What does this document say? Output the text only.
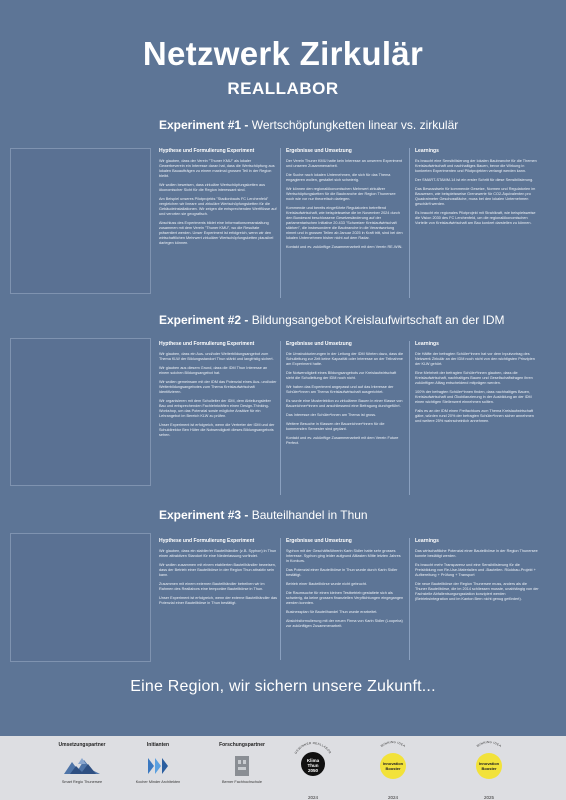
Netzwerk Zirkulär
REALLABOR
Experiment #1 - Wertschöpfungketten linear vs. zirkulär
Hypthese und Formulierung Experiment

Wir glauben, dass der Verein "Thuner KMU" als lokaler Gewerbeverein ein Interesse daran hat, dass die Wertschöpfung aus lokalen Bauaufträgen zu einem maximal grossen Teil in der Region bleibt.

Wir wollen beweisen, dass zirkuläre Wertschöpfungsketten aus ökonomischer Sicht für die Region interessant sind.

Am Beispiel unseres Pilotprojekts "Stadionbauts FC Lerchenfeld" vergleichen wir lineare und zirkuläre Wertschöpfungsketten für die Gebäudeinstallationen. Wir zeigen die entsprechenden Wertflüsse auf und verorten sie geografisch.

Abschluss des Experiments bildet eine Informationsveranstaltung zusammen mit dem Verein "Thuner KMU", wo die Resultate präsentiert werden. Unser Experiment ist erfolgreich, wenn wir den wirtschaftlichen Mehrwert zirkulärer Wertschöpfungsketten plausibel darlegen können.

Ergebnisse und Umsetzung

Der Verein Thuner KMU hatte kein Interesse an unserem Experiment und unseren Zusammenarbeit.

Die Suche nach lokalen Unternehmen, die sich für das Thema engagieren wollen, gestaltet sich schwierig.

Wir können den regionalökonomischen Mehrwert zirkulärer Wertschöpfungsketten für die Baubranche der Region Thunersee noch wie vor nur theoretisch darlegen.

Kommende und bereits eingeführte Regulatorien betreffend Kreislaufwirtschaft, wie beispielsweise die im November 2024 durch den Bundesrat beschlossene Gesetzesänderung auf der parlamentarischen Initiative 20.433 "Schweizer Kreislaufwirtschaft stärken", die insbesondere die Baubranche in die Verantwortung nimmt und in grossen Teilen ab Januar 2025 in Kraft tritt, sind bei den lokalen Unternehmen bisher nicht auf dem Radar.

Kontakt und ev. zukünftige Zusammenarbeit mit dem Verein RE-WIN.

Learnings

Es braucht eine Sensibilisierung der lokalen Baubranche für die Themen Kreislaufwirtschaft und nachhaltiges Bauen, bevor die Wirkung in konkreten Experimenten und Pilotprojekten verlangt werden kann.

Der SMART-STAMM-14 ist ein erster Schritt für diese Sensibilisierung.

Das Bewusstsein für kommende Gesetze, Normen und Regulatorien im Bauwesen, wie beispielsweise Grenzwerte für CO2-Äquivalenten pro Quadratmeter Geschossfläche, muss bei den lokalen Unternehmen geschärft werden.

Es braucht ein regionales Pilotprojekt mit Strahlkraft, wie beispielsweise die Vision 2030 des FC Lerchenfeld, um die regionalökonomischen Vorteile von Kreislaufwirtschaft am Bau konkret darstellen zu können.

Experiment #2 - Bildungsangebot Kreislaufwirtschaft an der IDM
Hypthese und Formulierung Experiment

Wir glauben, dass ein Aus- und/oder Weiterbildungsangebot zum Thema KLW der Bildungsstandort Thun stärkt und langfristig sichert.

Wir glauben aus diesem Grund, dass die IDM Thun Interesse an einem solchen Bildungsangebot hat.

Wir wollen gemeinsam mit der IDM das Potenzial eines Aus- und/oder Weiterbildungsangebotes zum Thema Kreislaufwirtschaft identifizieren.

Wir organisieren mit dem Schulleiter der IDM, dem Abteilungsleiter Bau und entsprechenden Fachlehrkräften einen Design-Thinking-Workshop, um das Potenzial sowie mögliche Ansätze für ein Lehrangebot im Bereich KLW zu prüfen.

Unser Experiment ist erfolgreich, wenn die Vertreter der IDM und der Schuldirektor Ben Hüter die Notwendigkeit dieses Bildungsangebots sehen.

Ergebnisse und Umsetzung

Die Umstrukturierungen in der Leitung der IDM führten dazu, dass die Schulleitung zur Zeit keine Kapazität oder Interesse an der Teilnahme am Experiment hatte.

Die Notwendigkeit eines Bildungsangebots zur Kreislaufwirtschaft sieht die Schulleitung der IDM noch nicht.

Wir haben das Experiment angepasst und auf das Interesse der Schüler*innen am Thema Kreislaufwirtschaft ausgerichtet.

Es wurde eine Musterlektion zu zirkulärem Bauen in einer Klasse von Bauzeichner*innen und anschliessend eine Befragung durchgeführt.

Das Interesse der Schüler*innen am Thema ist gross.

Weitere Besuche in Klassen der Bauzeichner*innen für die kommenden Semester sind geplant.

Kontakt und ev. zukünftige Zusammenarbeit mit dem Verein Future Perfect.

Learnings

Die Hälfte der befragten Schüler*innen hat vor dem Inputvortrag des Netzwerk Zirkulär an der IDM noch nicht von den wichtigsten Prinzipien der KLW gehört.

Eine Mehrheit der befragten Schüler*innen glauben, dass die Kreislaufwirtschaft, nachhaltiges Bauen und Gesellschaftsfragen ihren zukünftigen Alltag entscheidend mitprägen werden.

100% der befragten Schüler*innen finden, dass nachhaltiges Bauen, Kreislaufwirtschaft und Ökobilanzierung in der Ausbildung an der IDM einen wichtigen Stellenwert einnehmen sollten.

Falls es an der IDM einen Freifachkurs zum Thema Kreislaufwirtschaft gäbe, würden rund 20% der befragten Schüler*innen sicher annehmen und weitere 25% wahrscheinlich annehmen.

Experiment #3 - Bauteilhandel in Thun
Hypthese und Formulierung Experiment

Wir glauben, dass ein stabiler/er Bauteilhändler (z.B. Syphon) in Thun einen attraktiven Standort für eine Niederlassung vorfindet.

Wir wollen zusammen mit einem etablierten Bauteilhändler beweisen, dass der Betrieb einer Bauteilbörse in der Region Thun attraktiv sein kann.

Zusammen mit einem externen Bauteilhändler betreiben wir im Rahmen des Reallabors eine temporäre Bauteilbörse in Thun.

Unser Experiment ist erfolgreich, wenn der externe Bauteilhändler das Potenzial einer Bauteilbörse in Thun bestätigt.

Ergebnisse und Umsetzung

Syphon mit der Geschäftsführerin Karin Sidler hatte sehr grosses Interesse. Syphon ging leider aufgrund Altlasten Mitte letzten Jahres in Konkurs.

Das Potenzial einer Bauteilbörse in Thun wurde durch Karin Sidler bestätigt.

Betrieb einer Bauteilbörse wurde nicht gebrucht.

Die Raumsuche für einen kleinen Testbetrieb gestaltete sich als schwierig, da keine grossen finanziellen Verpflichtungen eingegangen werden konnten.

Businessplan für Bauteilhandel Thun wurde erarbeitet.

Absichtsformulierung mit der neuen Firma von Karin Sidler (Loopeba) zur zukünftigen Zusammenarbeit.

Learnings

Das wirtschaftliche Potenzial einer Bauteilbörse in der Region Thunersee konnte bestätigt werden.

Es braucht mehr Transparenz und eine Sensibilisierung für die Preisbildung von Re-Use-Materialien und -Bauteilen. Rückbau-Projekt + Aufbereitung + Prüfung + Transport

Die neue Bauteilbörse der Region Thunersee muss, anders als die Thuner Bauteilbörse, die im 2014 schliessen musste, unabhängig von der Fachstelle Abfallentsorgungsstation konzipiert werden (Betriebsintegration und im Kanton Bern nicht genug gefördert).

Eine Region, wir sichern unsere Zukunft...
Umsetzungspartner
Smart Regio Thunersee
Initianten
Kocher Minder Architekten
Forschungspartner
Berner Fachhochschule
GEWINNER REALLABOR
Klima
Thun
2050
2024
WINNING IDEA
Innovation
Booster
2024
WINNING IDEA
Innovation
Booster
2025
